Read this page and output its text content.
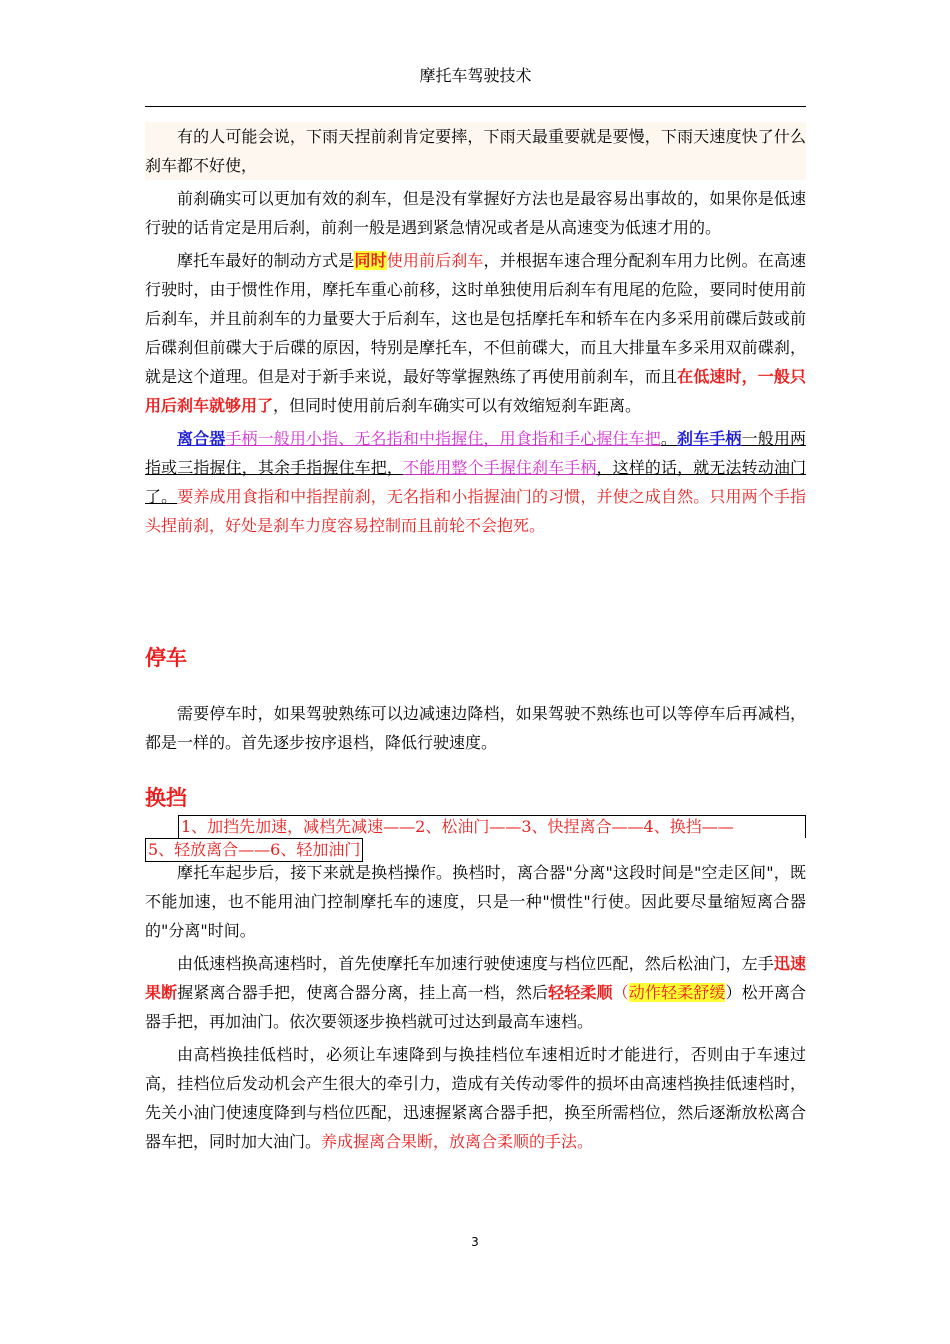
摩托车驾驶技术

有的人可能会说，下雨天捏前刹肯定要摔，下雨天最重要就是要慢，下雨天速度快了什么刹车都不好使，

前刹确实可以更加有效的刹车，但是没有掌握好方法也是最容易出事故的，如果你是低速行驶的话肯定是用后刹，前刹一般是遇到紧急情况或者是从高速变为低速才用的。

摩托车最好的制动方式是同时使用前后刹车，并根据车速合理分配刹车用力比例。在高速行驶时，由于惯性作用，摩托车重心前移，这时单独使用后刹车有甩尾的危险，要同时使用前后刹车，并且前刹车的力量要大于后刹车，这也是包括摩托车和轿车在内多采用前碟后鼓或前后碟刹但前碟大于后碟的原因，特别是摩托车，不但前碟大，而且大排量车多采用双前碟刹，就是这个道理。但是对于新手来说，最好等掌握熟练了再使用前刹车，而且在低速时，一般只用后刹车就够用了，但同时使用前后刹车确实可以有效缩短刹车距离。

离合器手柄一般用小指、无名指和中指握住，用食指和手心握住车把。刹车手柄一般用两指或三指握住，其余手指握住车把，不能用整个手握住刹车手柄，这样的话，就无法转动油门了。要养成用食指和中指捏前刹，无名指和小指握油门的习惯，并使之成自然。只用两个手指头捏前刹，好处是刹车力度容易控制而且前轮不会抱死。

停车

需要停车时，如果驾驶熟练可以边减速边降档，如果驾驶不熟练也可以等停车后再减档，都是一样的。首先逐步按序退档，降低行驶速度。

换挡
1、加挡先加速，减档先减速——2、松油门——3、快捏离合——4、换挡——
5、轻放离合——6、轻加油门

摩托车起步后，接下来就是换档操作。换档时，离合器"分离"这段时间是"空走区间"，既不能加速，也不能用油门控制摩托车的速度，只是一种"惯性"行使。因此要尽量缩短离合器的"分离"时间。

由低速档换高速档时，首先使摩托车加速行驶使速度与档位匹配，然后松油门，左手迅速果断握紧离合器手把，使离合器分离，挂上高一档，然后轻轻柔顺（动作轻柔舒缓）松开离合器手把，再加油门。依次要领逐步换档就可过达到最高车速档。

由高档换挂低档时，必须让车速降到与换挂档位车速相近时才能进行，否则由于车速过高，挂档位后发动机会产生很大的牵引力，造成有关传动零件的损坏由高速档换挂低速档时，先关小油门使速度降到与档位匹配，迅速握紧离合器手把，换至所需档位，然后逐渐放松离合器车把，同时加大油门。养成握离合果断，放离合柔顺的手法。

3
